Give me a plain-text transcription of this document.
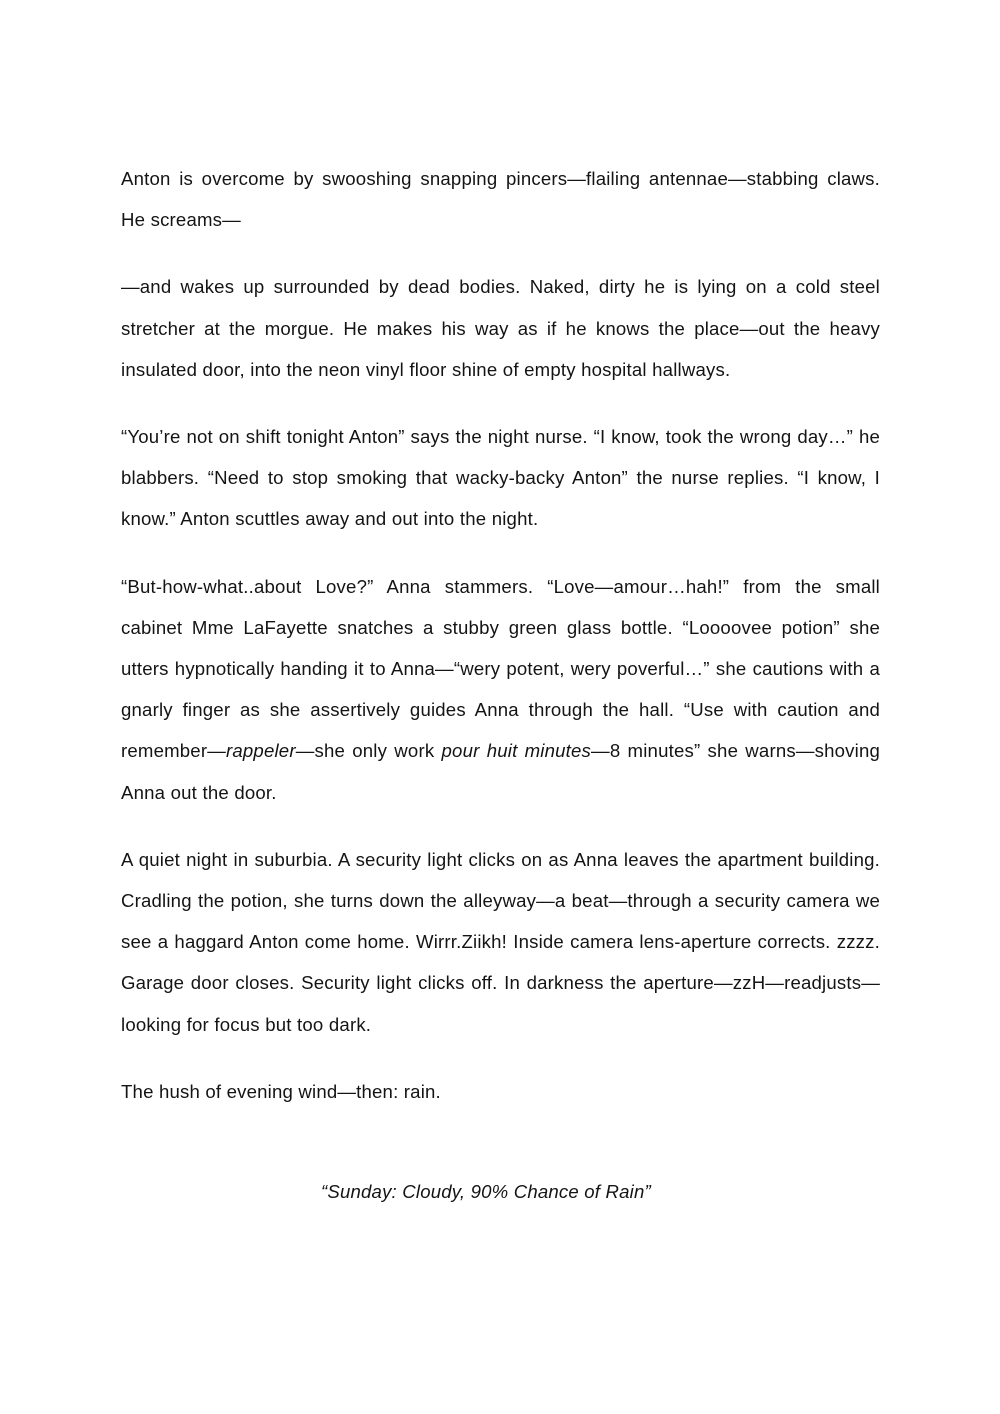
Anton is overcome by swooshing snapping pincers—flailing antennae—stabbing claws. He screams—

—and wakes up surrounded by dead bodies. Naked, dirty he is lying on a cold steel stretcher at the morgue. He makes his way as if he knows the place—out the heavy insulated door, into the neon vinyl floor shine of empty hospital hallways.

“You’re not on shift tonight Anton” says the night nurse. “I know, took the wrong day…” he blabbers. “Need to stop smoking that wacky-backy Anton” the nurse replies. “I know, I know.” Anton scuttles away and out into the night.

“But-how-what..about Love?” Anna stammers. “Love—amour…hah!” from the small cabinet Mme LaFayette snatches a stubby green glass bottle. “Loooovee potion” she utters hypnotically handing it to Anna—“wery potent, wery poverful…” she cautions with a gnarly finger as she assertively guides Anna through the hall. “Use with caution and remember—rappeler—she only work pour huit minutes—8 minutes” she warns—shoving Anna out the door.

A quiet night in suburbia. A security light clicks on as Anna leaves the apartment building. Cradling the potion, she turns down the alleyway—a beat—through a security camera we see a haggard Anton come home. Wirrr.Ziikh! Inside camera lens-aperture corrects. zzzz. Garage door closes. Security light clicks off. In darkness the aperture—zzH—readjusts—looking for focus but too dark.

The hush of evening wind—then: rain.

“Sunday: Cloudy, 90% Chance of Rain”
